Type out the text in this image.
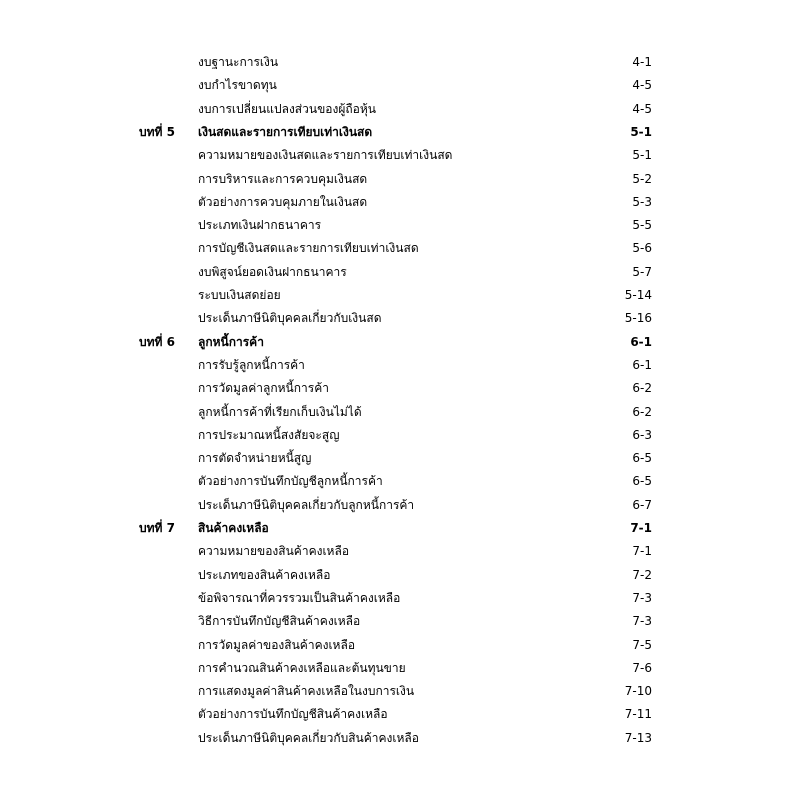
งบฐานะการเงิน	4-1
งบกำไรขาดทุน	4-5
งบการเปลี่ยนแปลงส่วนของผู้ถือหุ้น	4-5
บทที่ 5 เงินสดและรายการเทียบเท่าเงินสด	5-1
ความหมายของเงินสดและรายการเทียบเท่าเงินสด	5-1
การบริหารและการควบคุมเงินสด	5-2
ตัวอย่างการควบคุมภายในเงินสด	5-3
ประเภทเงินฝากธนาคาร	5-5
การบัญชีเงินสดและรายการเทียบเท่าเงินสด	5-6
งบพิสูจน์ยอดเงินฝากธนาคาร	5-7
ระบบเงินสดย่อย	5-14
ประเด็นภาษีนิติบุคคลเกี่ยวกับเงินสด	5-16
บทที่ 6 ลูกหนี้การค้า	6-1
การรับรู้ลูกหนี้การค้า	6-1
การวัดมูลค่าลูกหนี้การค้า	6-2
ลูกหนี้การค้าที่เรียกเก็บเงินไม่ได้	6-2
การประมาณหนี้สงสัยจะสูญ	6-3
การตัดจำหน่ายหนี้สูญ	6-5
ตัวอย่างการบันทึกบัญชีลูกหนี้การค้า	6-5
ประเด็นภาษีนิติบุคคลเกี่ยวกับลูกหนี้การค้า	6-7
บทที่ 7 สินค้าคงเหลือ	7-1
ความหมายของสินค้าคงเหลือ	7-1
ประเภทของสินค้าคงเหลือ	7-2
ข้อพิจารณาที่ควรรวมเป็นสินค้าคงเหลือ	7-3
วิธีการบันทึกบัญชีสินค้าคงเหลือ	7-3
การวัดมูลค่าของสินค้าคงเหลือ	7-5
การคำนวณสินค้าคงเหลือและต้นทุนขาย	7-6
การแสดงมูลค่าสินค้าคงเหลือในงบการเงิน	7-10
ตัวอย่างการบันทึกบัญชีสินค้าคงเหลือ	7-11
ประเด็นภาษีนิติบุคคลเกี่ยวกับสินค้าคงเหลือ	7-13
